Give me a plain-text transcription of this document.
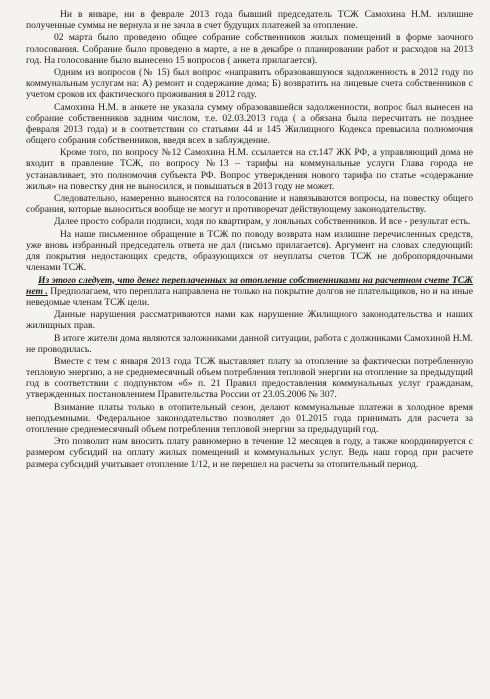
Ни в январе, ни в феврале 2013 года бывший председатель ТСЖ Самохина Н.М. излишне полученные суммы не вернула и не зачла в счет будущих платежей за отопление.

02 марта было проведено общее собрание собственников жилых помещений в форме заочного голосования. Собрание было проведено в марте, а не в декабре о планировании работ и расходов на 2013 год. На голосование было вынесено 15 вопросов ( анкета прилагается).

Одним из вопросов (№ 15) был вопрос «направить образовавшуюся задолженность в 2012 году по коммунальным услугам на: А) ремонт и содержание дома; Б) возвратить на лицевые счета собственников с учетом сроков их фактического проживания в 2012 году.

Самохина Н.М. в анкете не указала сумму образовавшейся задолженности, вопрос был вынесен на собрание собственников задним числом, т.е. 02.03.2013 года ( а обязана была пересчитать не позднее февраля 2013 года) и в соответствии со статьями 44 и 145 Жилищного Кодекса превысила полномочия общего собрания собственников, введя всех в заблуждение.

Кроме того, по вопросу №12 Самохина Н.М. ссылается на ст.147 ЖК РФ, а управляющий дома не входит в правление ТСЖ, по вопросу №13 – тарифы на коммунальные услуги Глава города не устанавливает, это полномочия субъекта РФ. Вопрос утверждения нового тарифа по статье «содержание жилья» на повестку дня не выносился, и повышаться в 2013 году не может.

Следовательно, намеренно выносятся на голосование и навязываются вопросы, на повестку общего собрания, которые выноситься вообще не могут и противоречат действующему законодательству.

Далее просто собрали подписи, ходя по квартирам, у лояльных собственников. И все - результат есть.

На наше письменное обращение в ТСЖ по поводу возврата нам излишне перечисленных средств, уже вновь избранный председатель ответа не дал (письмо прилагается). Аргумент на словах следующий: для покрытия недостающих средств, образующихся от неуплаты счетов ТСЖ не добропорядочными членами ТСЖ.

Из этого следует, что денег переплаченных за отопление собственниками на расчетном счете ТСЖ нет . Предполагаем, что переплата направлена не только на покрытие долгов не плательщиков, но и на иные неведомые членам ТСЖ цели.

Данные нарушения рассматриваются нами как нарушение Жилищного законодательства и наших жилищных прав.

В итоге жители дома являются заложниками данной ситуации, работа с должниками Самохиной Н.М. не проводилась.

Вместе с тем с января 2013 года ТСЖ выставляет плату за отопление за фактически потребленную тепловую энергию, а не среднемесячный объем потребления тепловой энергии на отопление за предыдущий год в соответствии с подпунктом «б» п. 21 Правил предоставления коммунальных услуг гражданам, утвержденных постановлением Правительства России от 23.05.2006 № 307.

Взимание платы только в отопительный сезон, делают коммунальные платежи в холодное время неподъемными. Федеральное законодательство позволяет до 01.2015 года принимать для расчета за отопление среднемесячный объем потребления тепловой энергии за предыдущий год.

Это позволит нам вносить плату равномерно в течение 12 месяцев в году, а также координируется с размером субсидий на оплату жилых помещений и коммунальных услуг. Ведь наш город при расчете размера субсидий учитывает отопление 1/12, и не перешел на расчеты за отопительный период.
